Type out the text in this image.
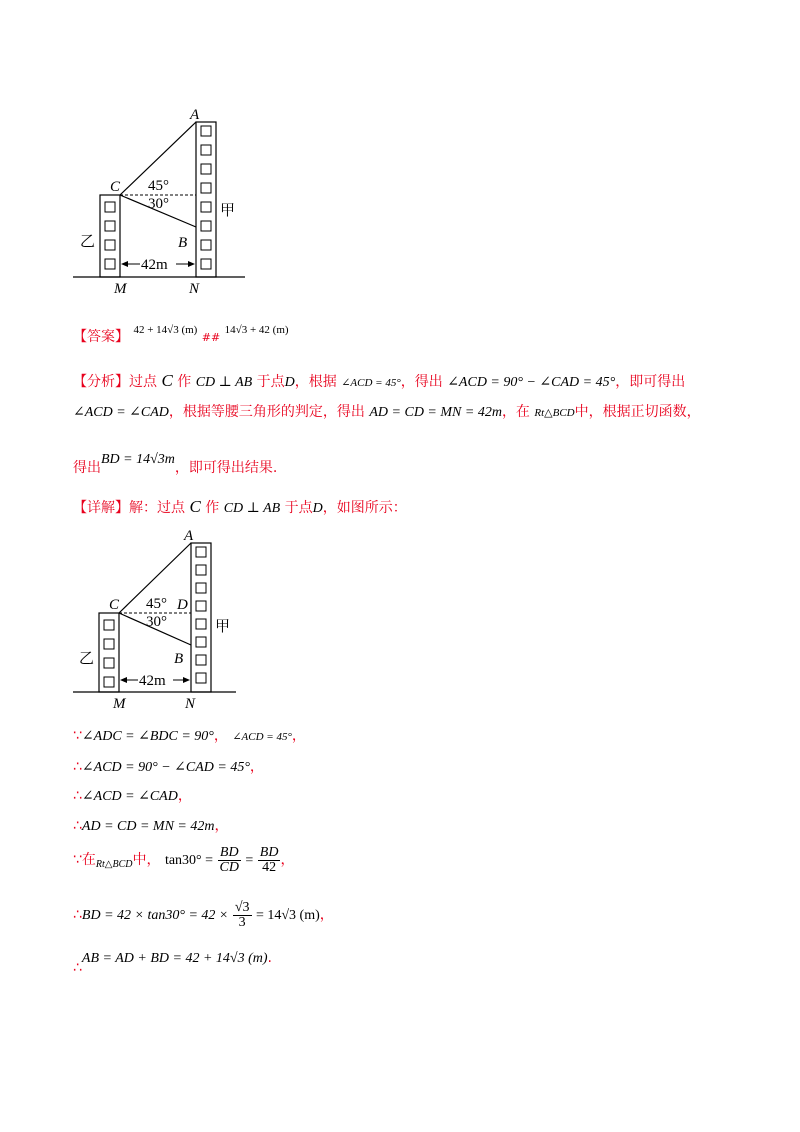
42m
A
C
B
M	N
45°
30°	甲
乙
【答案】 $^{42 + 14√3 (m)}$ ## $^{14√3 + 42 (m)}$
【分析】过点 C 作 CD ⊥ AB 于点D，根据 ∠ACD = 45°，得出 ∠ACD = 90° − ∠CAD = 45°，即可得出
∠ACD = ∠CAD，根据等腰三角形的判定，得出 AD = CD = MN = 42m，在 Rt△BCD中，根据正切函数，
得出BD = 14√3m，即可得出结果.
【详解】解：过点 C 作 CD ⊥ AB 于点D，如图所示：
42m
A
C	D
B
M	N
45°
30°	甲
乙
∵∠ADC = ∠BDC = 90°， ∠ACD = 45°，
∴∠ACD = 90° − ∠CAD = 45°，
∴∠ACD = ∠CAD，
∴AD = CD = MN = 42m，
∵在$_{Rt\triangle BCD}$中， $\tan 30^\circ = \frac{BD}{CD} = \frac{BD}{42}$ ，
∴BD = $42 \times \tan 30^\circ = 42 \times \frac{√3}{3} = 14√3$ (m)，
∴AB = AD + BD = 42 + 14√3 (m).
